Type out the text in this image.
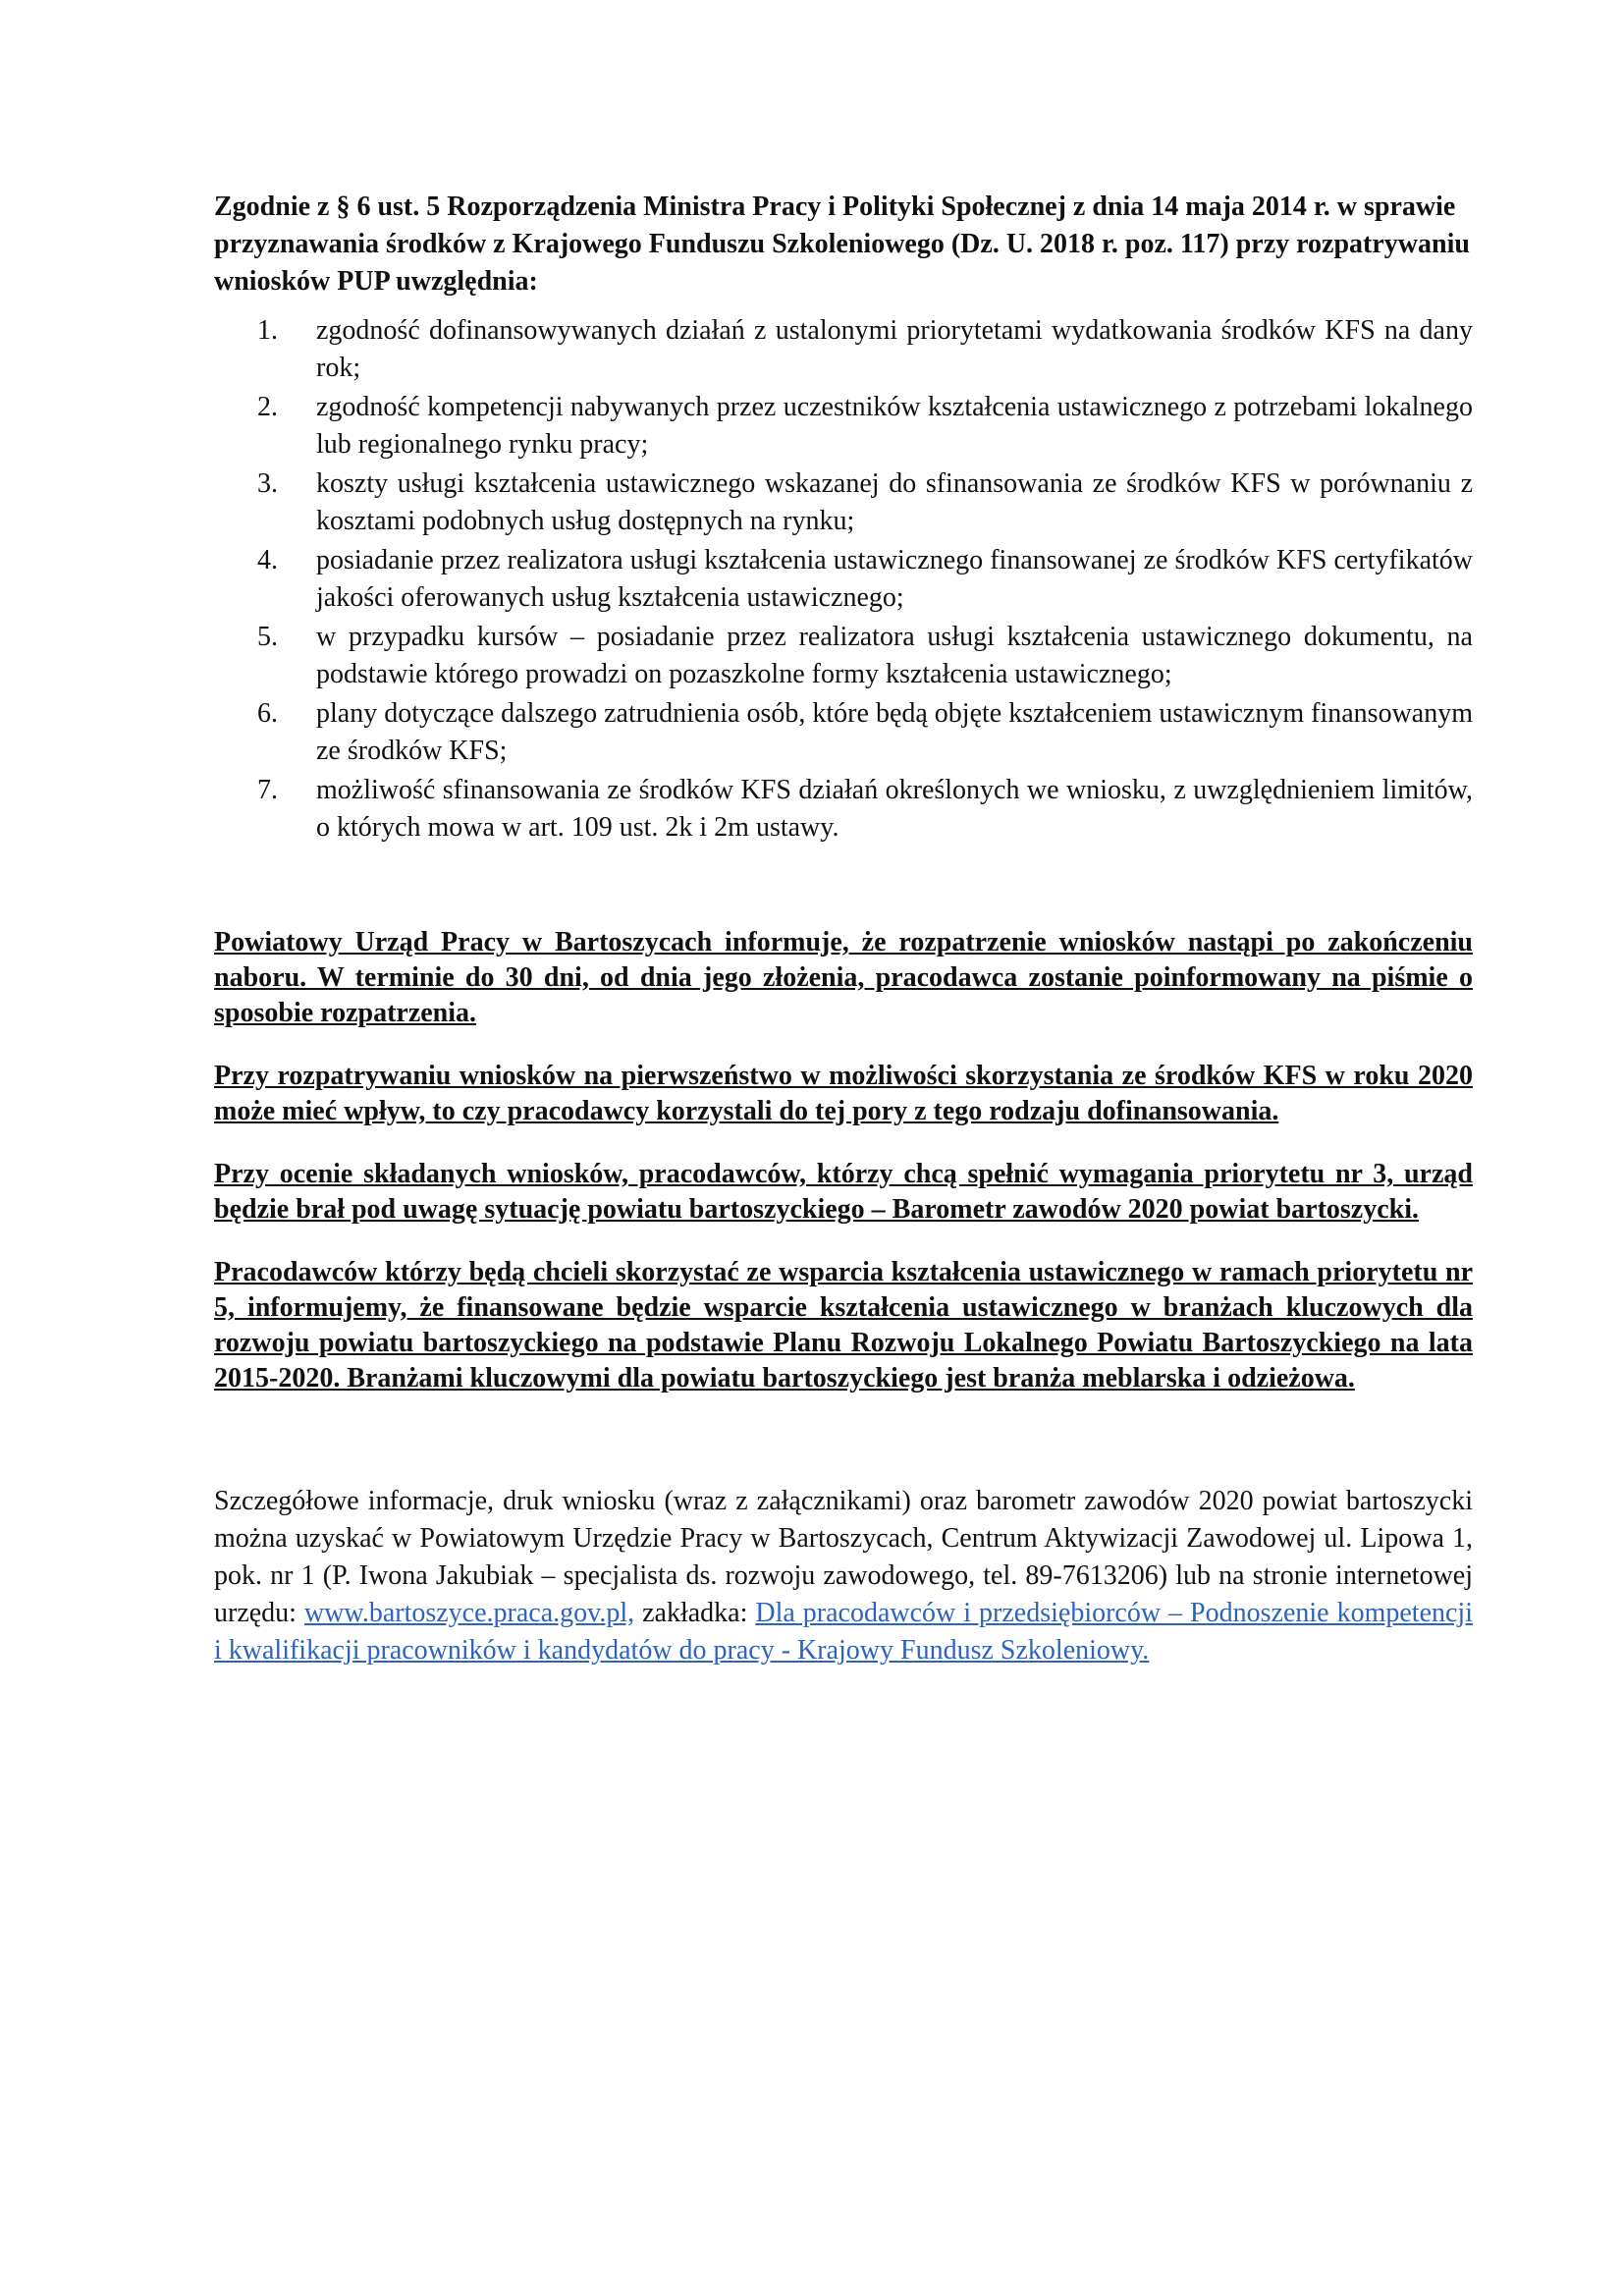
Zgodnie z § 6 ust. 5 Rozporządzenia Ministra Pracy i Polityki Społecznej z dnia 14 maja 2014 r. w sprawie przyznawania środków z Krajowego Funduszu Szkoleniowego (Dz. U. 2018 r. poz. 117) przy rozpatrywaniu wniosków PUP uwzględnia:

1.	zgodność dofinansowywanych działań z ustalonymi priorytetami wydatkowania środków KFS na dany rok;
2.	zgodność kompetencji nabywanych przez uczestników kształcenia ustawicznego z potrzebami lokalnego lub regionalnego rynku pracy;
3.	koszty usługi kształcenia ustawicznego wskazanej do sfinansowania ze środków KFS w porównaniu z kosztami podobnych usług dostępnych na rynku;
4.	posiadanie przez realizatora usługi kształcenia ustawicznego finansowanej ze środków KFS certyfikatów jakości oferowanych usług kształcenia ustawicznego;
5.	w przypadku kursów – posiadanie przez realizatora usługi kształcenia ustawicznego dokumentu, na podstawie którego prowadzi on pozaszkolne formy kształcenia ustawicznego;
6.	plany dotyczące dalszego zatrudnienia osób, które będą objęte kształceniem ustawicznym finansowanym ze środków KFS;
7.	możliwość sfinansowania ze środków KFS działań określonych we wniosku, z uwzględnieniem limitów, o których mowa w art. 109 ust. 2k i 2m ustawy.

Powiatowy Urząd Pracy w Bartoszycach informuje, że rozpatrzenie wniosków nastąpi po zakończeniu naboru. W terminie do 30 dni, od dnia jego złożenia, pracodawca zostanie poinformowany na piśmie o sposobie rozpatrzenia.

Przy rozpatrywaniu wniosków na pierwszeństwo w możliwości skorzystania ze środków KFS w roku 2020 może mieć wpływ, to czy pracodawcy korzystali do tej pory z tego rodzaju dofinansowania.

Przy ocenie składanych wniosków, pracodawców, którzy chcą spełnić wymagania priorytetu nr 3, urząd będzie brał pod uwagę sytuację powiatu bartoszyckiego – Barometr zawodów 2020 powiat bartoszycki.

Pracodawców którzy będą chcieli skorzystać ze wsparcia kształcenia ustawicznego w ramach priorytetu nr 5, informujemy, że finansowane będzie wsparcie kształcenia ustawicznego w branżach kluczowych dla rozwoju powiatu bartoszyckiego na podstawie Planu Rozwoju Lokalnego Powiatu Bartoszyckiego na lata 2015-2020. Branżami kluczowymi dla powiatu bartoszyckiego jest branża meblarska i odzieżowa.

Szczegółowe informacje, druk wniosku (wraz z załącznikami) oraz barometr zawodów 2020 powiat bartoszycki można uzyskać w Powiatowym Urzędzie Pracy w Bartoszycach, Centrum Aktywizacji Zawodowej ul. Lipowa 1, pok. nr 1 (P. Iwona Jakubiak – specjalista ds. rozwoju zawodowego, tel. 89-7613206) lub na stronie internetowej urzędu: www.bartoszyce.praca.gov.pl, zakładka: Dla pracodawców i przedsiębiorców – Podnoszenie kompetencji i kwalifikacji pracowników i kandydatów do pracy - Krajowy Fundusz Szkoleniowy.
